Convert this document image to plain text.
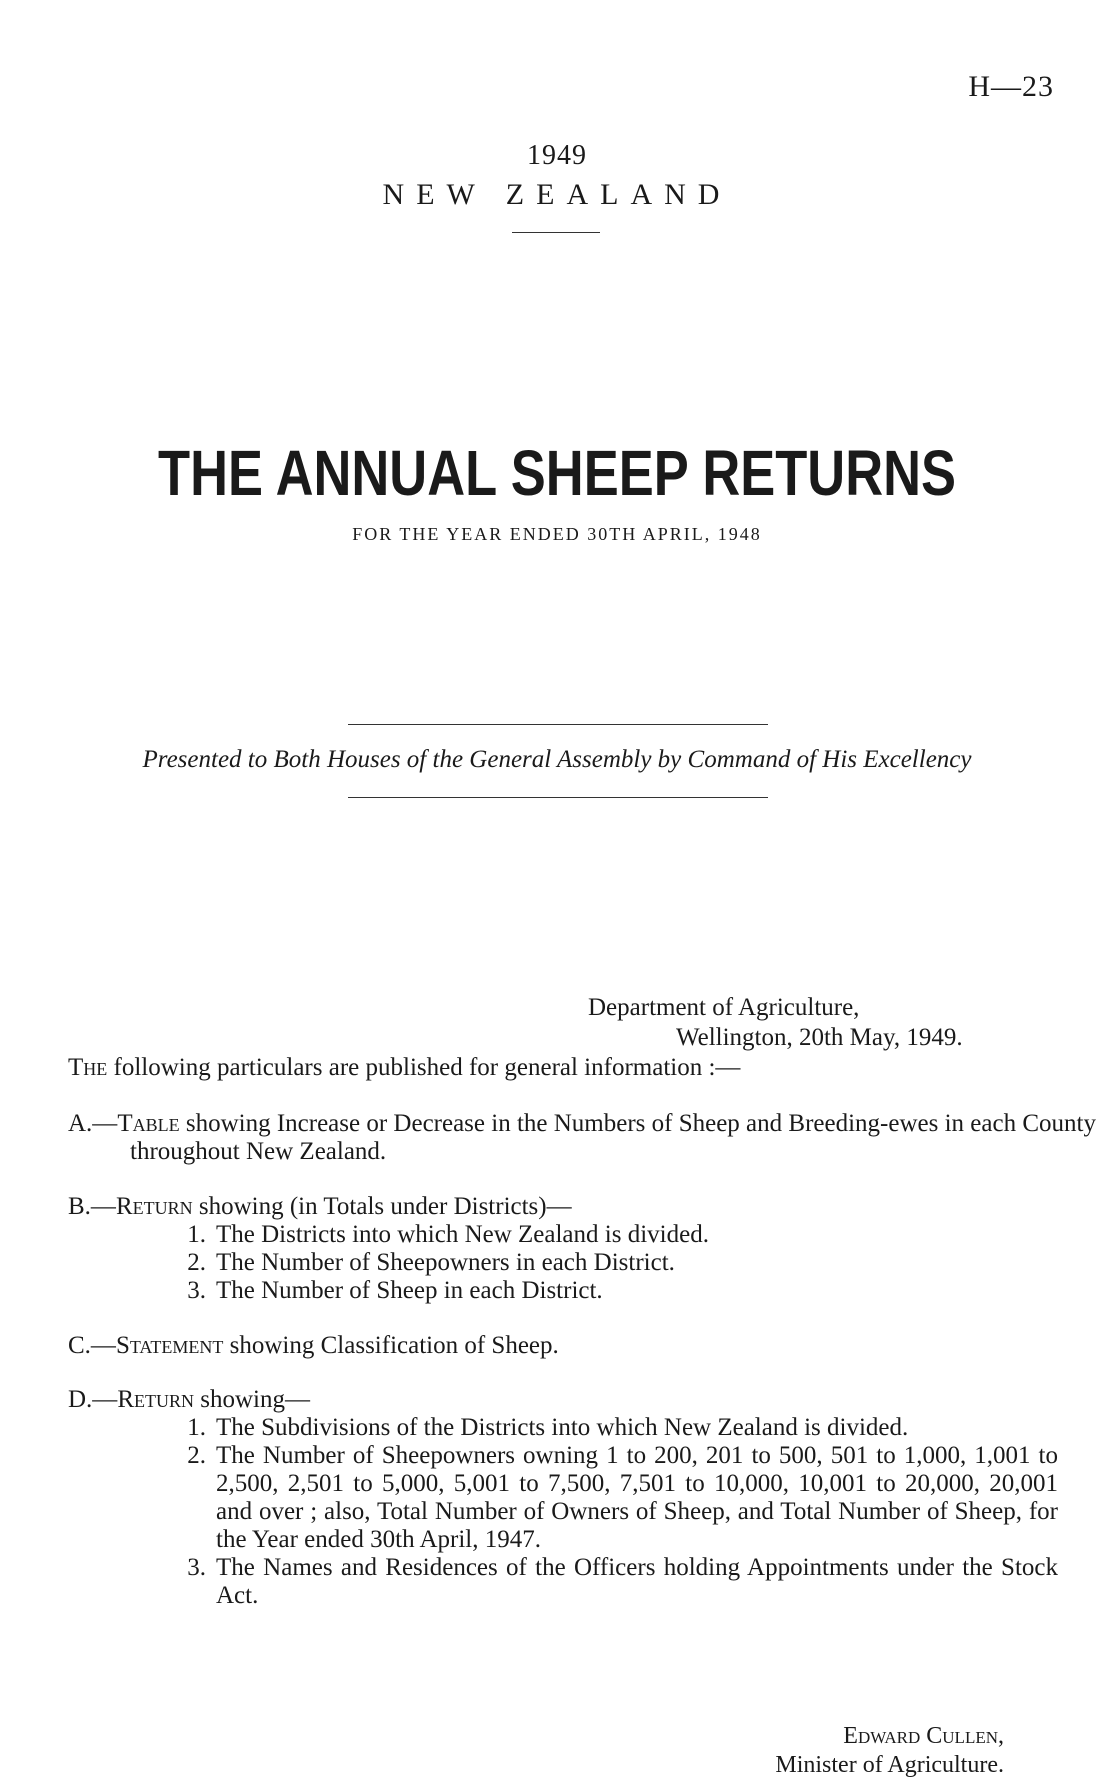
H—23
1949
NEW ZEALAND
THE ANNUAL SHEEP RETURNS
FOR THE YEAR ENDED 30TH APRIL, 1948
Presented to Both Houses of the General Assembly by Command of His Excellency
Department of Agriculture,
Wellington, 20th May, 1949.
The following particulars are published for general information :—
A.—Table showing Increase or Decrease in the Numbers of Sheep and Breeding-ewes in each County throughout New Zealand.
B.—Return showing (in Totals under Districts)—
1. The Districts into which New Zealand is divided.
2. The Number of Sheepowners in each District.
3. The Number of Sheep in each District.
C.—Statement showing Classification of Sheep.
D.—Return showing—
1. The Subdivisions of the Districts into which New Zealand is divided.
2. The Number of Sheepowners owning 1 to 200, 201 to 500, 501 to 1,000, 1,001 to 2,500, 2,501 to 5,000, 5,001 to 7,500, 7,501 to 10,000, 10,001 to 20,000, 20,001 and over ; also, Total Number of Owners of Sheep, and Total Number of Sheep, for the Year ended 30th April, 1947.
3. The Names and Residences of the Officers holding Appointments under the Stock Act.
Edward Cullen,
Minister of Agriculture.
